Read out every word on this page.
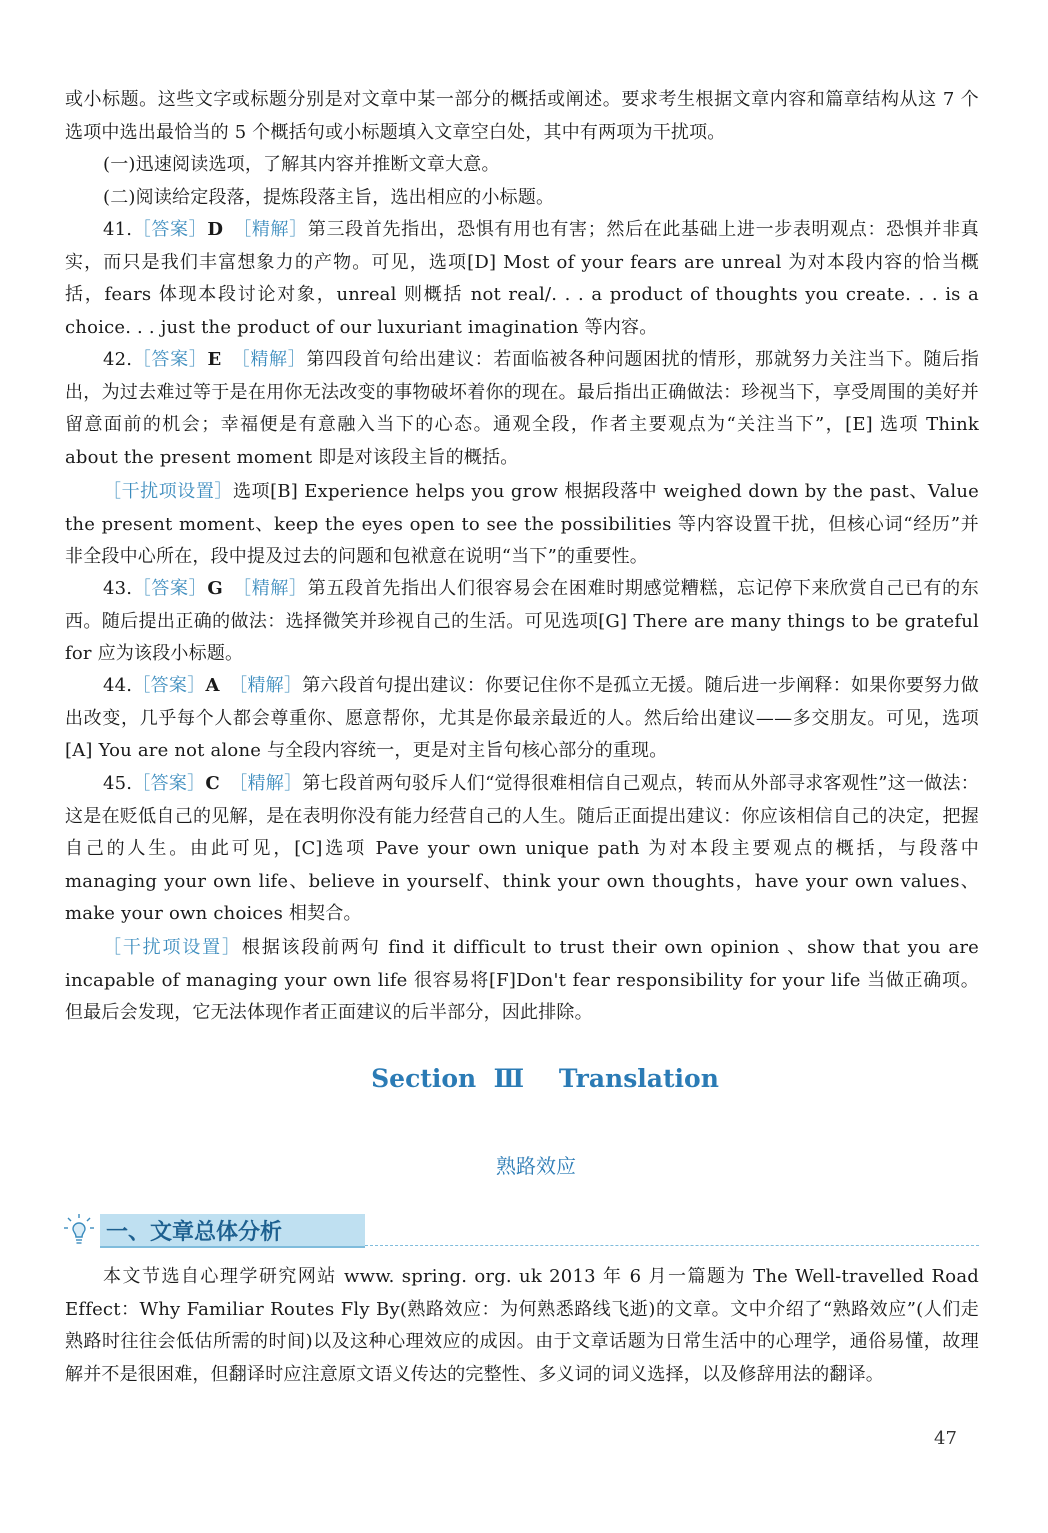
或小标题。这些文字或标题分别是对文章中某一部分的概括或阐述。要求考生根据文章内容和篇章结构从这 7 个选项中选出最恰当的 5 个概括句或小标题填入文章空白处，其中有两项为干扰项。

(一)迅速阅读选项，了解其内容并推断文章大意。

(二)阅读给定段落，提炼段落主旨，选出相应的小标题。

41.［答案］D　 ［精解］第三段首先指出，恐惧有用也有害；然后在此基础上进一步表明观点：恐惧并非真实，而只是我们丰富想象力的产物。可见，选项[D] Most of your fears are unreal 为对本段内容的恰当概括，fears 体现本段讨论对象，unreal 则概括 not real/. . . a product of thoughts you create. . . is a choice. . . just the product of our luxuriant imagination 等内容。

42.［答案］E　 ［精解］第四段首句给出建议：若面临被各种问题困扰的情形，那就努力关注当下。随后指出，为过去难过等于是在用你无法改变的事物破坏着你的现在。最后指出正确做法：珍视当下，享受周围的美好并留意面前的机会；幸福便是有意融入当下的心态。通观全段，作者主要观点为“关注当下”，[E] 选项 Think about the present moment 即是对该段主旨的概括。

［干扰项设置］选项[B] Experience helps you grow 根据段落中 weighed down by the past、Value the present moment、keep the eyes open to see the possibilities 等内容设置干扰，但核心词“经历”并非全段中心所在，段中提及过去的问题和包袱意在说明“当下”的重要性。

43.［答案］G　 ［精解］第五段首先指出人们很容易会在困难时期感觉糟糕，忘记停下来欣赏自己已有的东西。随后提出正确的做法：选择微笑并珍视自己的生活。可见选项[G] There are many things to be grateful for 应为该段小标题。

44.［答案］A　 ［精解］第六段首句提出建议：你要记住你不是孤立无援。随后进一步阐释：如果你要努力做出改变，几乎每个人都会尊重你、愿意帮你，尤其是你最亲最近的人。然后给出建议——多交朋友。可见，选项[A] You are not alone 与全段内容统一，更是对主旨句核心部分的重现。

45.［答案］C　 ［精解］第七段首两句驳斥人们“觉得很难相信自己观点，转而从外部寻求客观性”这一做法：这是在贬低自己的见解，是在表明你没有能力经营自己的人生。随后正面提出建议：你应该相信自己的决定，把握自己的人生。由此可见，[C]选项 Pave your own unique path 为对本段主要观点的概括，与段落中 managing your own life、believe in yourself、think your own thoughts，have your own values、make your own choices 相契合。

［干扰项设置］根据该段前两句 find it difficult to trust their own opinion 、show that you are incapable of managing your own life 很容易将[F]Don't fear responsibility for your life 当做正确项。但最后会发现，它无法体现作者正面建议的后半部分，因此排除。

Section  Ⅲ    Translation
熟路效应
一、文章总体分析

本文节选自心理学研究网站 www. spring. org. uk 2013 年 6 月一篇题为 The Well-travelled Road Effect：Why Familiar Routes Fly By(熟路效应：为何熟悉路线飞逝)的文章。文中介绍了“熟路效应”(人们走熟路时往往会低估所需的时间)以及这种心理效应的成因。由于文章话题为日常生活中的心理学，通俗易懂，故理解并不是很困难，但翻译时应注意原文语义传达的完整性、多义词的词义选择，以及修辞用法的翻译。

47
